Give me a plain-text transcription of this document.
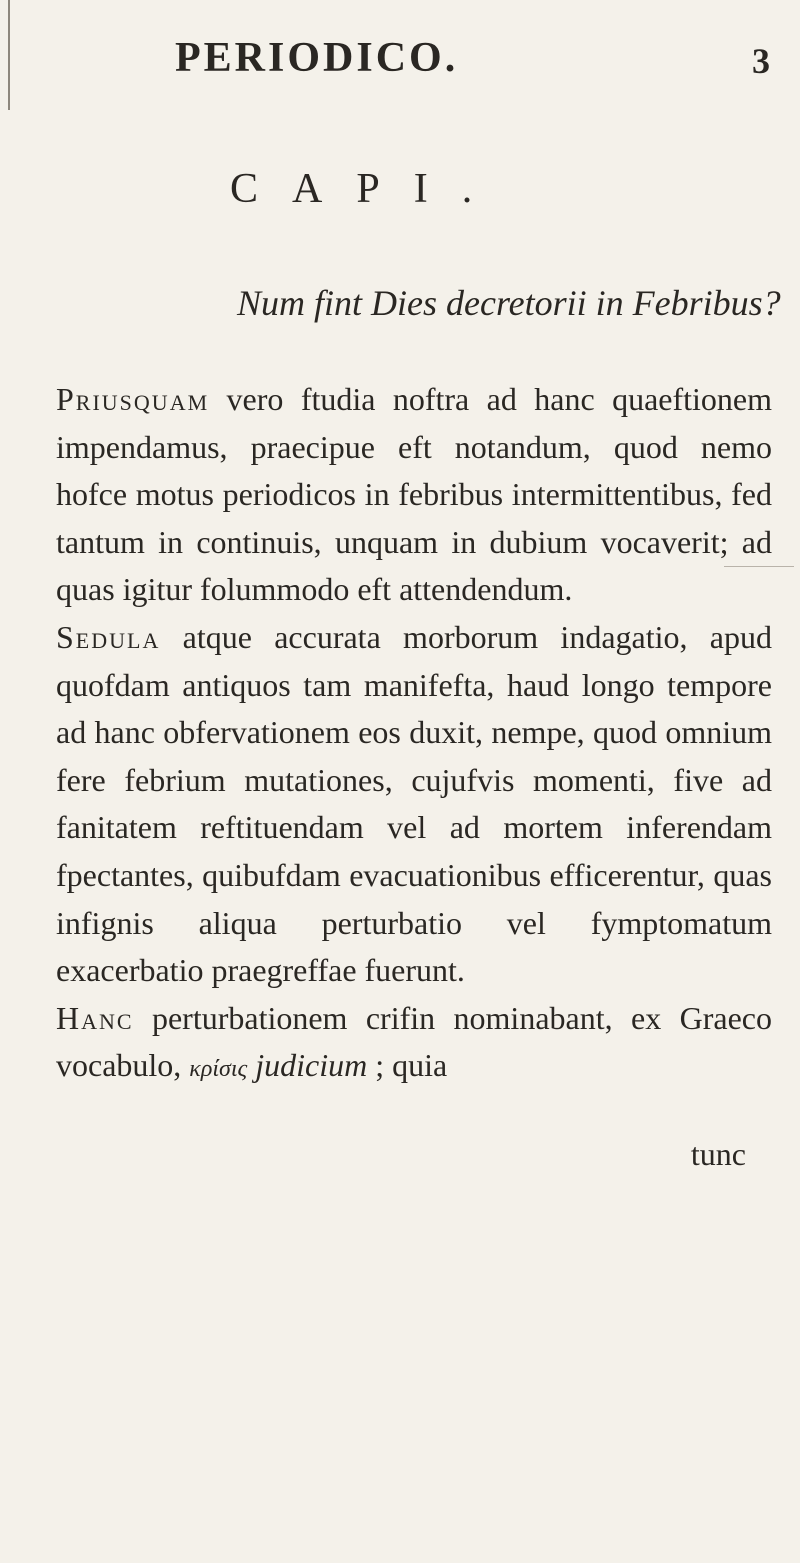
PERIODICO.	3
CAPI.
Num fint Dies decretorii in Febribus?

Priusquam vero ftudia noftra ad hanc quaeftionem impendamus, praecipue eft notandum, quod nemo hofce motus periodicos in febribus intermittentibus, fed tantum in continuis, unquam in dubium vocaverit; ad quas igitur folummodo eft attendendum.

Sedula atque accurata morborum indagatio, apud quofdam antiquos tam manifefta, haud longo tempore ad hanc obfervationem eos duxit, nempe, quod omnium fere febrium mutationes, cujufvis momenti, five ad fanitatem reftituendam vel ad mortem inferendam fpectantes, quibufdam evacuationibus efficerentur, quas infignis aliqua perturbatio vel fymptomatum exacerbatio praegreffae fuerunt.

Hanc perturbationem crifin nominabant, ex Graeco vocabulo, κρίσις judicium ; quia

tunc
